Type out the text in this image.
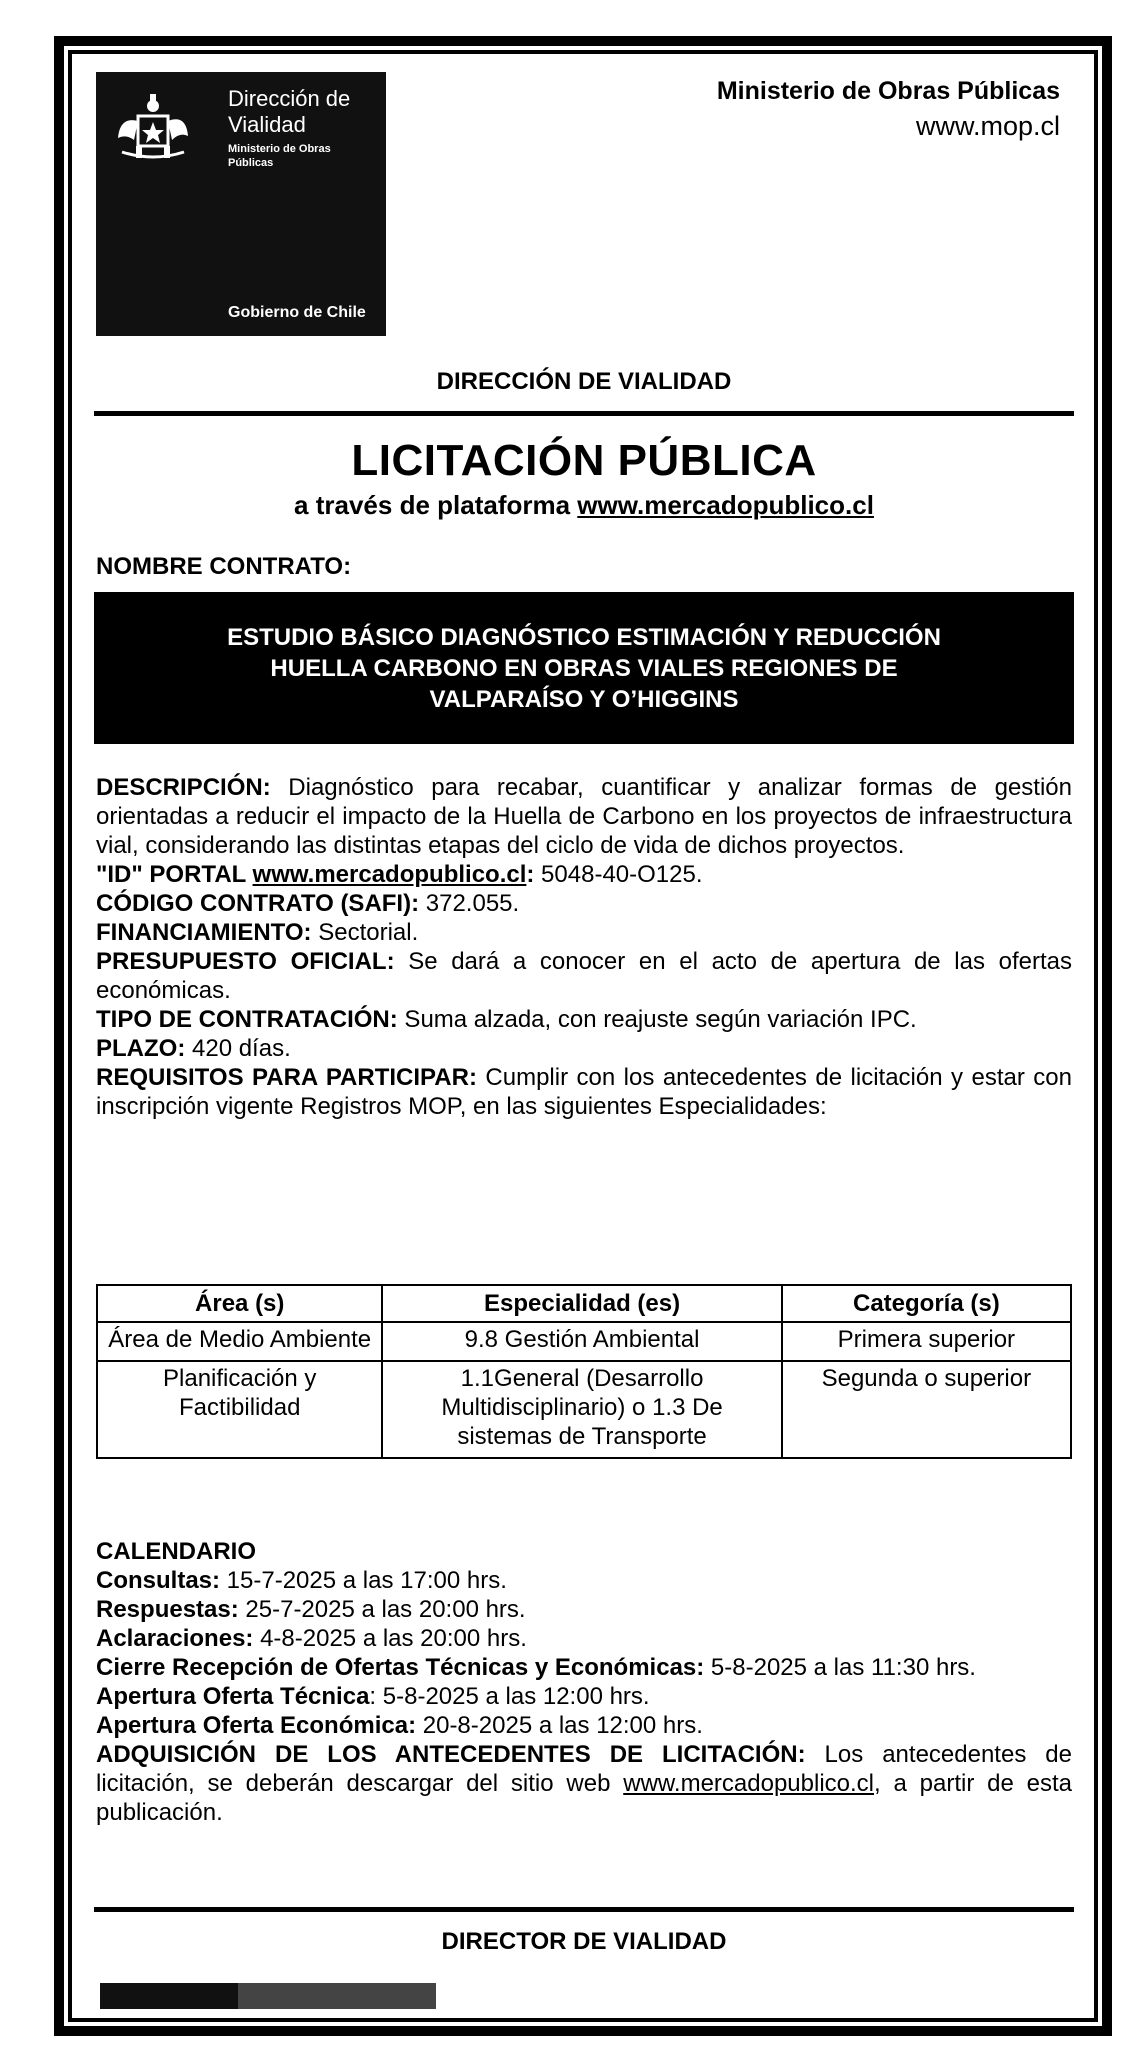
Dirección de
Vialidad
Ministerio de Obras
Públicas
Gobierno de Chile
Ministerio de Obras Públicas
www.mop.cl
DIRECCIÓN DE VIALIDAD
LICITACIÓN PÚBLICA
a través de plataforma www.mercadopublico.cl
NOMBRE CONTRATO:
ESTUDIO BÁSICO DIAGNÓSTICO ESTIMACIÓN Y REDUCCIÓN HUELLA CARBONO EN OBRAS VIALES REGIONES DE VALPARAÍSO Y O’HIGGINS

DESCRIPCIÓN: Diagnóstico para recabar, cuantificar y analizar formas de gestión orientadas a reducir el impacto de la Huella de Carbono en los proyectos de infraestructura vial, considerando las distintas etapas del ciclo de vida de dichos proyectos.

"ID" PORTAL www.mercadopublico.cl: 5048-40-O125.

CÓDIGO CONTRATO (SAFI): 372.055.

FINANCIAMIENTO: Sectorial.

PRESUPUESTO OFICIAL: Se dará a conocer en el acto de apertura de las ofertas económicas.

TIPO DE CONTRATACIÓN: Suma alzada, con reajuste según variación IPC.

PLAZO: 420 días.

REQUISITOS PARA PARTICIPAR: Cumplir con los antecedentes de licitación y estar con inscripción vigente Registros MOP, en las siguientes Especialidades:

Área (s)	Especialidad (es)	Categoría (s)
Área de Medio Ambiente	9.8 Gestión Ambiental	Primera superior
Planificación y Factibilidad	1.1General (Desarrollo Multidisciplinario) o 1.3 De sistemas de Transporte	Segunda o superior

CALENDARIO

Consultas: 15-7-2025 a las 17:00 hrs.

Respuestas: 25-7-2025 a las 20:00 hrs.

Aclaraciones: 4-8-2025 a las 20:00 hrs.

Cierre Recepción de Ofertas Técnicas y Económicas: 5-8-2025 a las 11:30 hrs.

Apertura Oferta Técnica: 5-8-2025 a las 12:00 hrs.

Apertura Oferta Económica: 20-8-2025 a las 12:00 hrs.

ADQUISICIÓN DE LOS ANTECEDENTES DE LICITACIÓN: Los antecedentes de licitación, se deberán descargar del sitio web www.mercadopublico.cl, a partir de esta publicación.

DIRECTOR DE VIALIDAD
